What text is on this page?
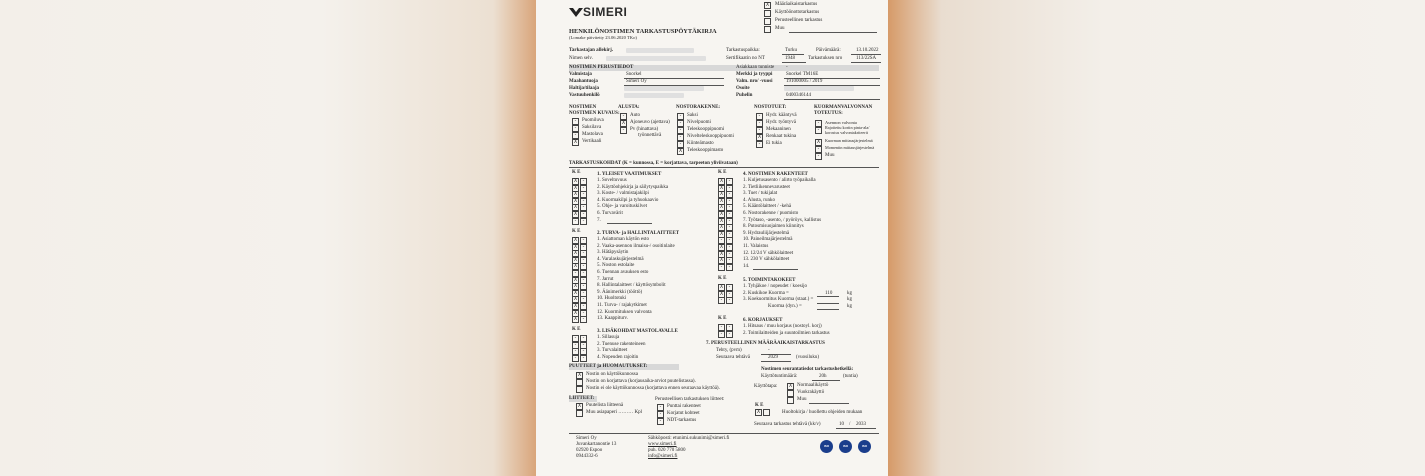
SIMERI	X	Määräaikaistarkastus
Käyttöönottotarkastus
Perusteellinen tarkastus
Muu
HENKILÖNOSTIMEN TARKASTUSPÖYTÄKIRJA
(Lomake päivitetty 23.06.2020 TKo)
Tarkastajan allekirj.
Nimen selv.
Tarkastuspaikka:	Turku	Päivämäärä:	13.10.2022
Sertifikaatin no NT	1948	Tarkastuksen nro	113/22SA
NOSTIMEN PERUSTIEDOT	Asiakkaan tunniste -
Valmistaja	Snorkel
Maahantuoja	Simeri Oy
Haltija/tilaaja
Vastuuhenkilö
Merkki ja tyyppi	Snorkel TM16E
Valm. nro/ -vuosi	191000005 / 2019
Osoite
Puhelin	0400346144
NOSTIMEN
NOSTIMEN KUVAUS:
-	Puomiluva
-	Saksilava
-	Mastolava
X Vertikaali
ALUSTA:
-	Auto
X Ajoneuvo (ajettava)
-	Pv (hinattava)
työnnettävä
NOSTORAKENNE:
-	Saksi
-	Nivelpuomi
-	Teleskooppipuomi
-	Nivelteleskooppipuomi
-	Kiinteämasto
X Teleskooppimasto
NOSTOTUET:
-	Hydr. kääntyvä
-	Hydr. työntyvä
-	Mekaaninen
X Renkaat tukina
-	Ei tukia
KUORMANVALVONNAN TOTEUTUS:
-	Asennon valvonta
-	Rajoitettu koriin pinta-ala/ korostus valvontakriteerit
X	Kuorman mittausjärjestelmä
-	Momentin mittausjärjestelmä
-	Muu
TARKASTUSKOHDAT (K = kunnossa, E = korjattava, tarpeeton yliviivataan)
K E	1. YLEISET VAATIMUKSET
X	-	1. Soveltuvuus
X	-	2. Käyttöohjekirja ja säilytyspaikka
X	-	3. Koste- / valmistajakilpi
X	-	4. Kuormakilpi ja tyhuokaavio
X	-	5. Ohje- ja varoituskilvet
X	-	6. Turvavärit
-	-	7.
K E	2. TURVA- ja HALLINTALAITTEET
X	-	1. Asiattoman käytön esto
X	-	2. Vaaka-asennon ilmaisu-/ osoitinlaite
X	-	3. Hätäpysäytin
X	-	4. Varalaskujärjestelmä
X	-	5. Noston estolaite
-	-	6. Tuennan avauksen esto
X	-	7. Jarrut
X	-	8. Hallintalaitteet / käyttösymbolit
X	-	9. Äänimerkki (tööttö)
X	-	10. Huoltotuki
X	-	11. Turva- / rajakytkimet
X	-	12. Kuormituksen valvonta
X	-	13. Kaappiturv.
K E	3. LISÄKOHDAT MASTOLAVALLE
-	-	1. Sillasuja
-	-	2. Tuenuse rakenteineen
-	-	3. Turvalaitteet
-	-	4. Nopeuden rajoitin
K E	4. NOSTIMEN RAKENTEET
X	-	1. Kuljetusasento / alirto työpaikalla
X	-	2. Tietliikennevarusteet
X	-	3. Tuet / tukijalat
X	-	4. Alusta, runko
X	-	5. Kääntölaitteet / -kehä
X	-	6. Nostorakenne / puomisto
X	-	7. Työtaso, -asento, / pyöröys, kallistus
X	-	8. Putosmisuojaimen kiinnitys
X	-	9. Hydrauliijärjestelmä
-	-	10. Paineilmajärjestelmä
X	-	11. Valaistus
X	-	12. 12/24 V sähkölaitteet
X	-	13. 230 V sähkölaitteet
-	-	14.
K E	5. TOIMINTAKOKEET
X	-	1. Tyhjäkoe / nopeudet / koesijo
X	-	2. Kuskikoe Kuorma =	110	kg
-	-	3. Koekuormitus Kuorma (staat.) =	kg
Kuorma (dyn.) =	kg
K E	6. KORJAUKSET
-	-	1. Hitsaus / muu korjaus (nostoyl. korj)
-	-	2. Toimilaitteiden ja suuntoilmien tarkastus
7. PERUSTEELLINEN MÄÄRÄAIKAISTARKASTUS
Tehty, (pvm)	-
Seuraava tehtävä	2029	(vuosiluku)
PUUTTEET ja HUOMAUTUKSET:
X Nostin on käyttökunnossa
Nostin on korjattava (korjausaika-arviot puutelistassa).
Nostin ei ole käyttökunnossa (korjattava ennen seuraavaa käyttöä).
Nostimen seurantatiedot tarkastushetkellä:
Käyttötuntimäärä:	20h	(tuntia)
Käyttötapa:	X Normaalikäyttö
Vuokrakäyttö
Muu
LIITTEET:
X Puutelista liitteenä
Muu asiapaperi ……… Kpl
Perusteellisen tarkastuksen liitteet:
-	Punttai rakenteet
-	Korjatut kohteet
-	NDT-tarkastus
K E
X	Huoltokirja / huollettu ohjeiden mukaan
Seuraava tarkastus tehtävä (kk/v)	10 / 2033
Simeri Oy
Juvankartanontie 13
02920 Espoo
0944332-6
Sähköposti: etunimi.sukunimi@simeri.fi
www.simeri.fi
puh. 020 770 5800
info@simeri.fi
ISO	ISO	ISO
